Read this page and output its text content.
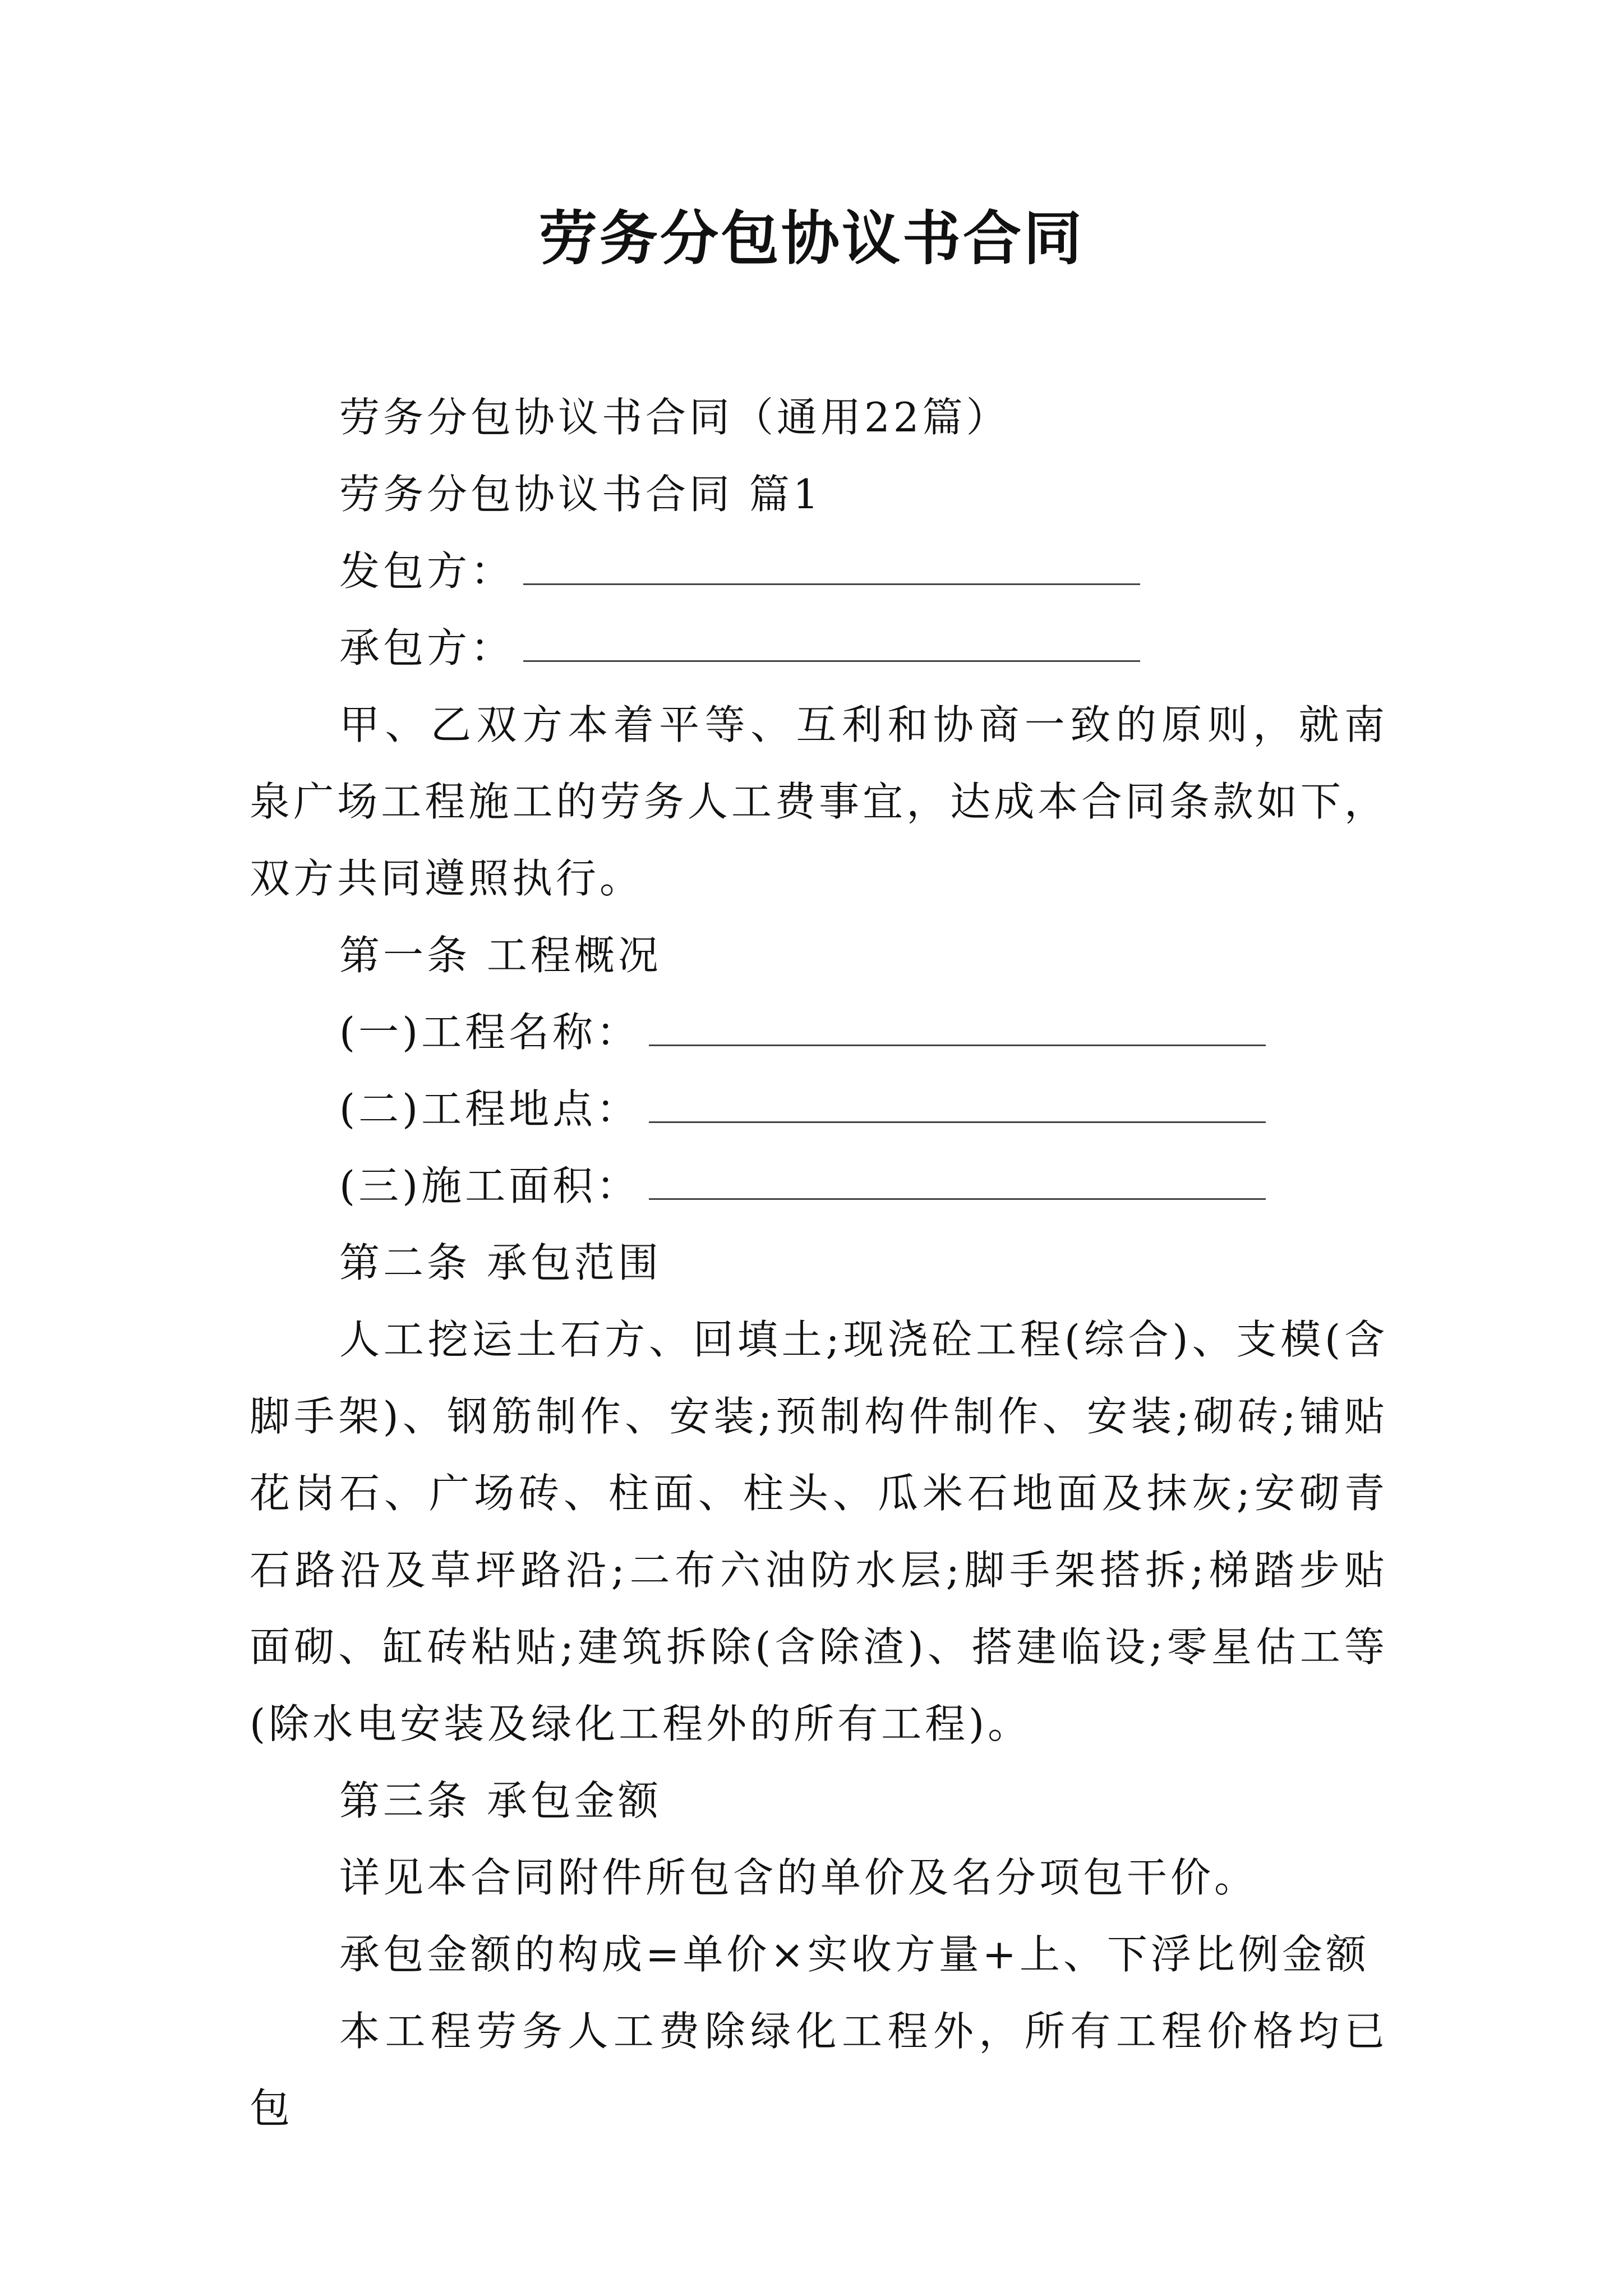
劳务分包协议书合同

劳务分包协议书合同（通用22篇）

劳务分包协议书合同 篇1

发包方：

承包方：

甲、乙双方本着平等、互利和协商一致的原则，就南泉广场工程施工的劳务人工费事宜，达成本合同条款如下，双方共同遵照执行。

第一条 工程概况

(一)工程名称：

(二)工程地点：

(三)施工面积：

第二条 承包范围

人工挖运土石方、回填土;现浇砼工程(综合)、支模(含脚手架)、钢筋制作、安装;预制构件制作、安装;砌砖;铺贴花岗石、广场砖、柱面、柱头、瓜米石地面及抹灰;安砌青石路沿及草坪路沿;二布六油防水层;脚手架搭拆;梯踏步贴面砌、缸砖粘贴;建筑拆除(含除渣)、搭建临设;零星估工等(除水电安装及绿化工程外的所有工程)。

第三条 承包金额

详见本合同附件所包含的单价及名分项包干价。

承包金额的构成=单价×实收方量+上、下浮比例金额

本工程劳务人工费除绿化工程外，所有工程价格均已包
